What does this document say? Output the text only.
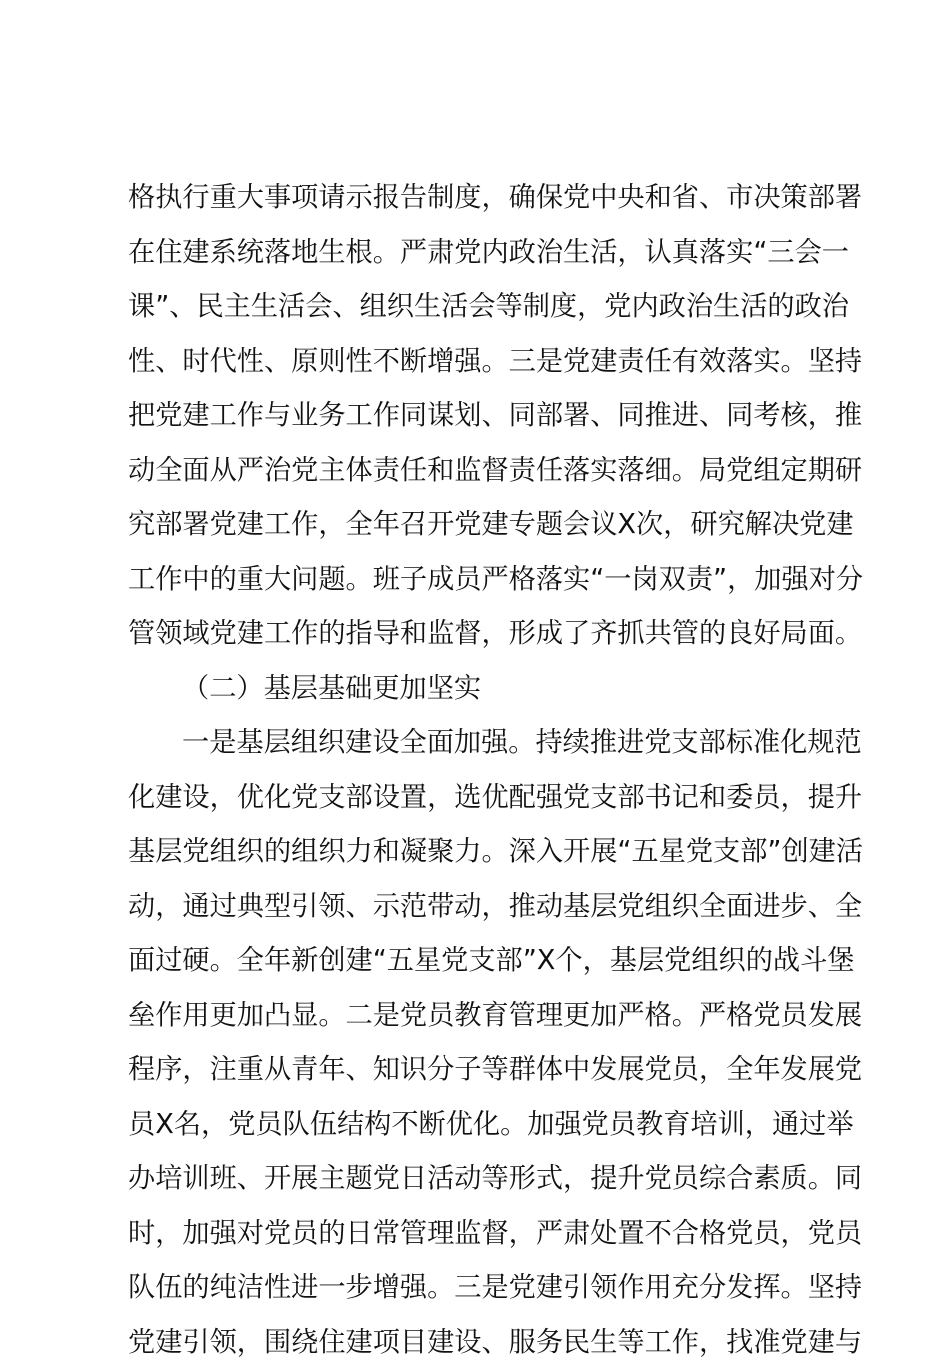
格执行重大事项请示报告制度，确保党中央和省、市决策部署
在住建系统落地生根。严肃党内政治生活，认真落实“三会一
课”、民主生活会、组织生活会等制度，党内政治生活的政治
性、时代性、原则性不断增强。三是党建责任有效落实。坚持
把党建工作与业务工作同谋划、同部署、同推进、同考核，推
动全面从严治党主体责任和监督责任落实落细。局党组定期研
究部署党建工作，全年召开党建专题会议X次，研究解决党建
工作中的重大问题。班子成员严格落实“一岗双责”，加强对分
管领域党建工作的指导和监督，形成了齐抓共管的良好局面。
（二）基层基础更加坚实
一是基层组织建设全面加强。持续推进党支部标准化规范
化建设，优化党支部设置，选优配强党支部书记和委员，提升
基层党组织的组织力和凝聚力。深入开展“五星党支部”创建活
动，通过典型引领、示范带动，推动基层党组织全面进步、全
面过硬。全年新创建“五星党支部”X个，基层党组织的战斗堡
垒作用更加凸显。二是党员教育管理更加严格。严格党员发展
程序，注重从青年、知识分子等群体中发展党员，全年发展党
员X名，党员队伍结构不断优化。加强党员教育培训，通过举
办培训班、开展主题党日活动等形式，提升党员综合素质。同
时，加强对党员的日常管理监督，严肃处置不合格党员，党员
队伍的纯洁性进一步增强。三是党建引领作用充分发挥。坚持
党建引领，围绕住建项目建设、服务民生等工作，找准党建与
